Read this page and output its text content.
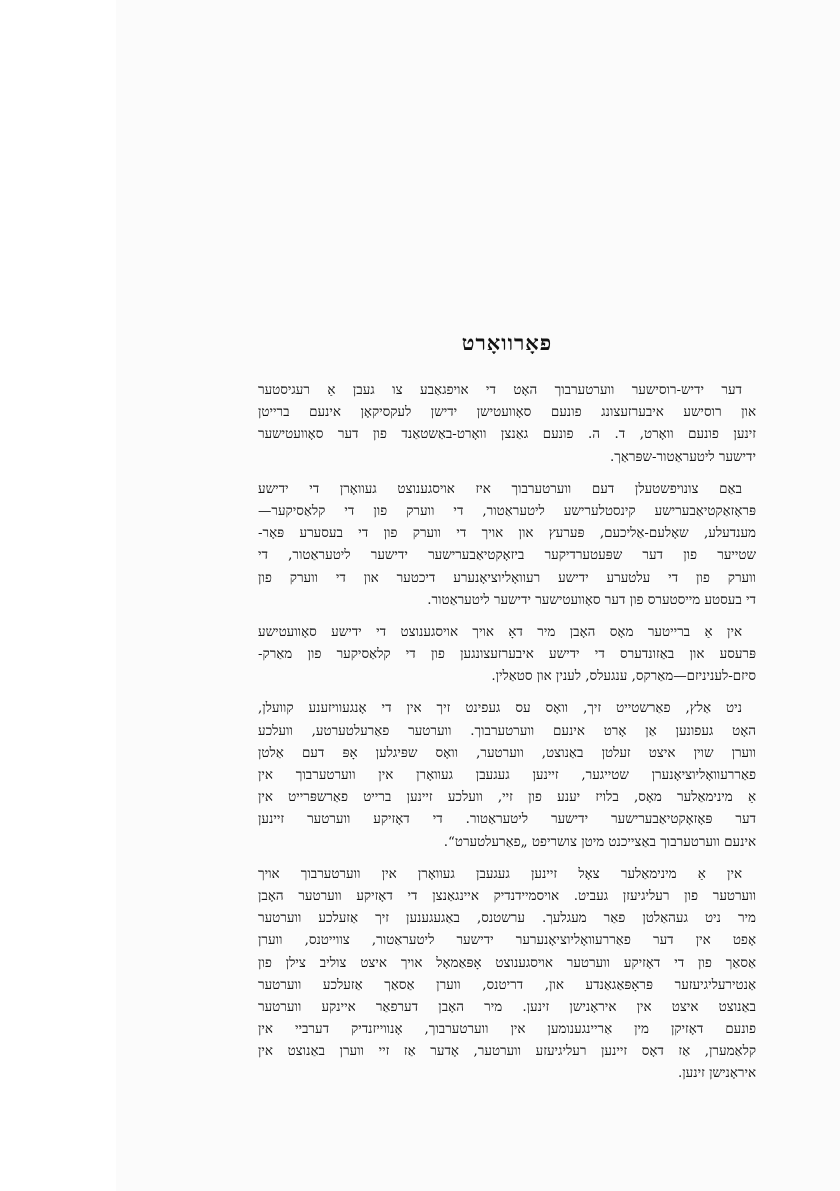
פאָרוואָרט
דער ידיש-רוסישער ווערטערבוך האָט די אויפגאַבע צו געבן אַ רעגיסטער
און רוסישע איבערזעצונג פונעם סאָוועטישן ידישן לעקסיקאָן אינעם ברייטן
זינען פונעם וואָרט, ד. ה. פונעם גאַנצן וואָרט-באַשטאַנד פון דער סאָוועטישער
ידישער ליטעראַטור-שפּראַך.
באַם צונויפשטעלן דעם ווערטערבוך איז אויסגענוצט געוואָרן די ידישע
פּראָזאַקטיאַבערישע קינסטלערישע ליטעראַטור, די ווערק פון די קלאַסיקער—
מענדעלע, שאָלעם-אַליכעם, פּערעץ און אויך די ווערק פון די בעסערע פּאָר-
שטייער פון דער שפּעטערדיקער ביזאָקטיאַבערישער ידישער ליטעראַטור, די
ווערק פון די עלטערע ידישע רעוואָליוציאָנערע דיכטער און די ווערק פון
די בעסטע מייסטערס פון דער סאָוועטישער ידישער ליטעראַטור.
אין אַ ברייטער מאָס האָבן מיר דאָ אויך אויסגענוצט די ידישע סאָוועטישע
פּרעסע און באַזונדערס די ידישע איבערזעצונגען פון די קלאַסיקער פון מאַרק-
סיזם-לעניניזם—מאַרקס, ענגעלס, לענין און סטאַלין.
ניט אַלץ, פאַרשטייט זיך, וואָס עס געפינט זיך אין די אָנגעוויזענע קוועלן,
האָט געפונען אַן אָרט אינעם ווערטערבוך. ווערטער פאַרעלטערטע, וועלכע
ווערן שוין איצט זעלטן באַנוצט, ווערטער, וואָס שפּיגלען אָפּ דעם אַלטן
פאַררעוואָליוציאָנערן שטייגער, זיינען געגעבן געוואָרן אין ווערטערבוך אין
אַ מינימאַלער מאָס, בלויז יענע פון זיי, וועלכע זיינען ברייט פאַרשפּרייט אין
דער פּאָזאָקטיאַבערישער ידישער ליטעראַטור. די דאָזיקע ווערטער זיינען
אינעם ווערטערבוך באַצייכנט מיטן צושריפט „פאַרעלטערט“.
אין אַ מינימאַלער צאָל זיינען געגעבן געוואָרן אין ווערטערבוך אויך
ווערטער פון רעליגיעזן געביט. אויסמיידנדיק איינגאַנצן די דאָזיקע ווערטער האָבן
מיר ניט געהאַלטן פאַר מעגלעך. ערשטנס, באַגעגענען זיך אַזעלכע ווערטער
אָפט אין דער פאַררעוואָליוציאָנערער ידישער ליטעראַטור, צווייטנס, ווערן
אַסאַך פון די דאָזיקע ווערטער אויסגענוצט אָפּאַמאָל אויך איצט צוליב צילן פון
אַנטירעליגיעזער פּראָפּאַגאַנדע און, דריטנס, ווערן אַסאַך אַזעלכע ווערטער
באַנוצט איצט אין איראָנישן זינען. מיר האָבן דערפאַר איינקע ווערטער
פונעם דאָזיקן מין אַריינגענומען אין ווערטערבוך, אָנווייזנדיק דערביי אין
קלאַמערן, אַז דאָס זיינען רעליגיעזע ווערטער, אָדער אַז זיי ווערן באַנוצט אין
איראָנישן זינען.
